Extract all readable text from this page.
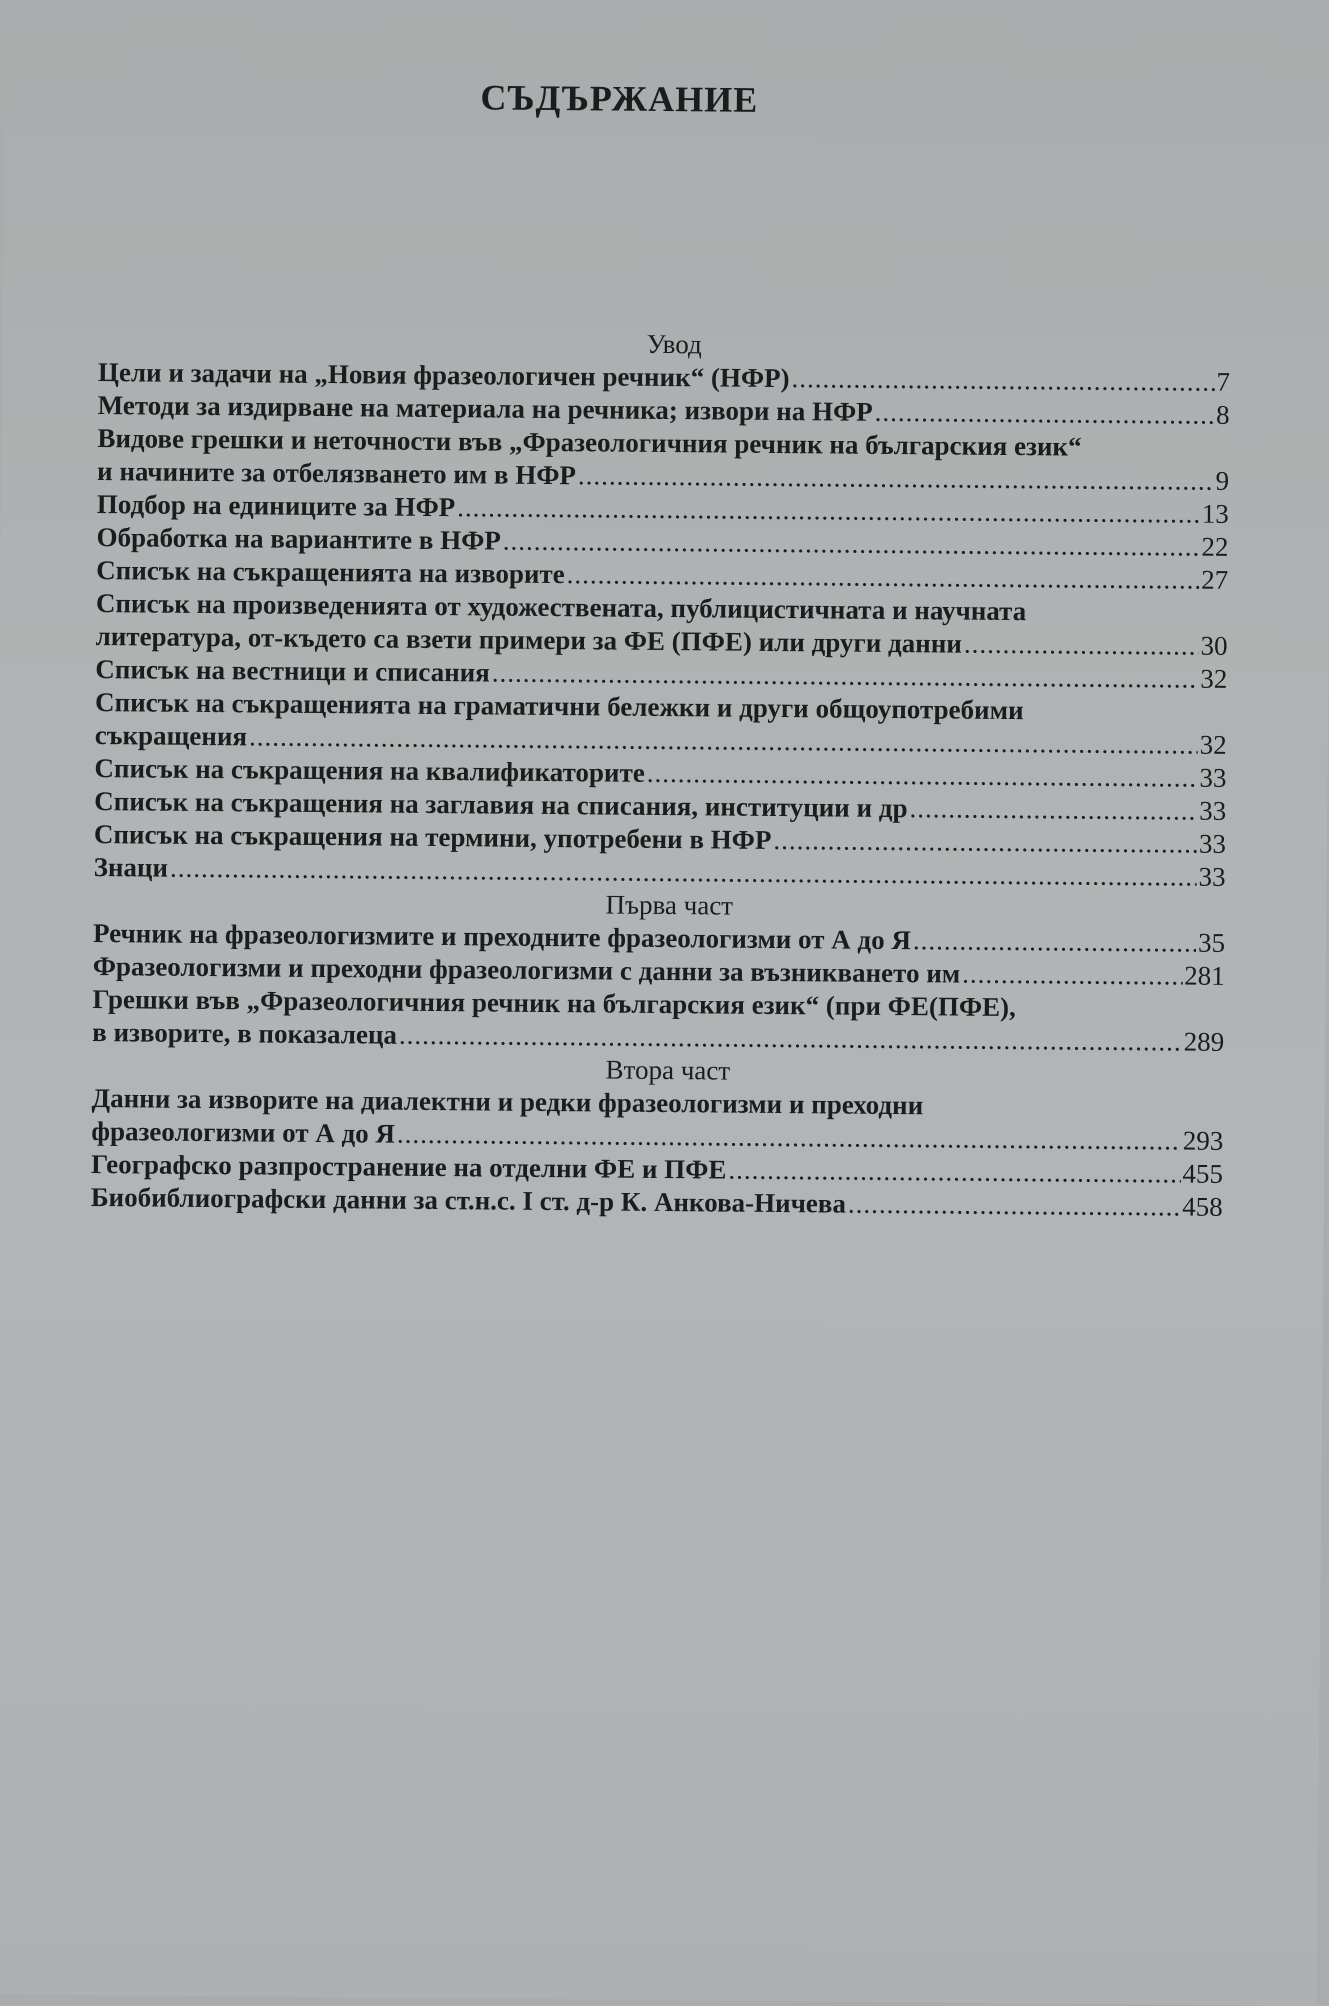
СЪДЪРЖАНИЕ
Увод
Цели и задачи на „Новия фразеологичен речник“ (НФР) .....	7
Методи за издирване на материала на речника; извори на НФР .....	8
Видове грешки и неточности във „Фразеологичния речник на българския език“
и начините за отбелязването им в НФР .....	9
Подбор на единиците за НФР .....	13
Обработка на вариантите в НФР .....	22
Списък на съкращенията на изворите .....	27
Списък на произведенията от художествената, публицистичната и научната
литература, от-където са взети примери за ФЕ (ПФЕ) или други данни .....	30
Списък на вестници и списания .....	32
Списък на съкращенията на граматични бележки и други общоупотребими
съкращения .....	32
Списък на съкращения на квалификаторите .....	33
Списък на съкращения на заглавия на списания, институции и др .....	33
Списък на съкращения на термини, употребени в НФР .....	33
Знаци .....	33
Първа част
Речник на фразеологизмите и преходните фразеологизми от А до Я .....	35
Фразеологизми и преходни фразеологизми с данни за възникването им .....	281
Грешки във „Фразеологичния речник на българския език“ (при ФЕ(ПФЕ),
в изворите, в показалеца .....	289
Втора част
Данни за изворите на диалектни и редки фразеологизми и преходни
фразеологизми от А до Я .....	293
Географско разпространение на отделни ФЕ и ПФЕ .....	455
Биобиблиографски данни за ст.н.с. I ст. д-р К. Анкова-Ничева .....	458
